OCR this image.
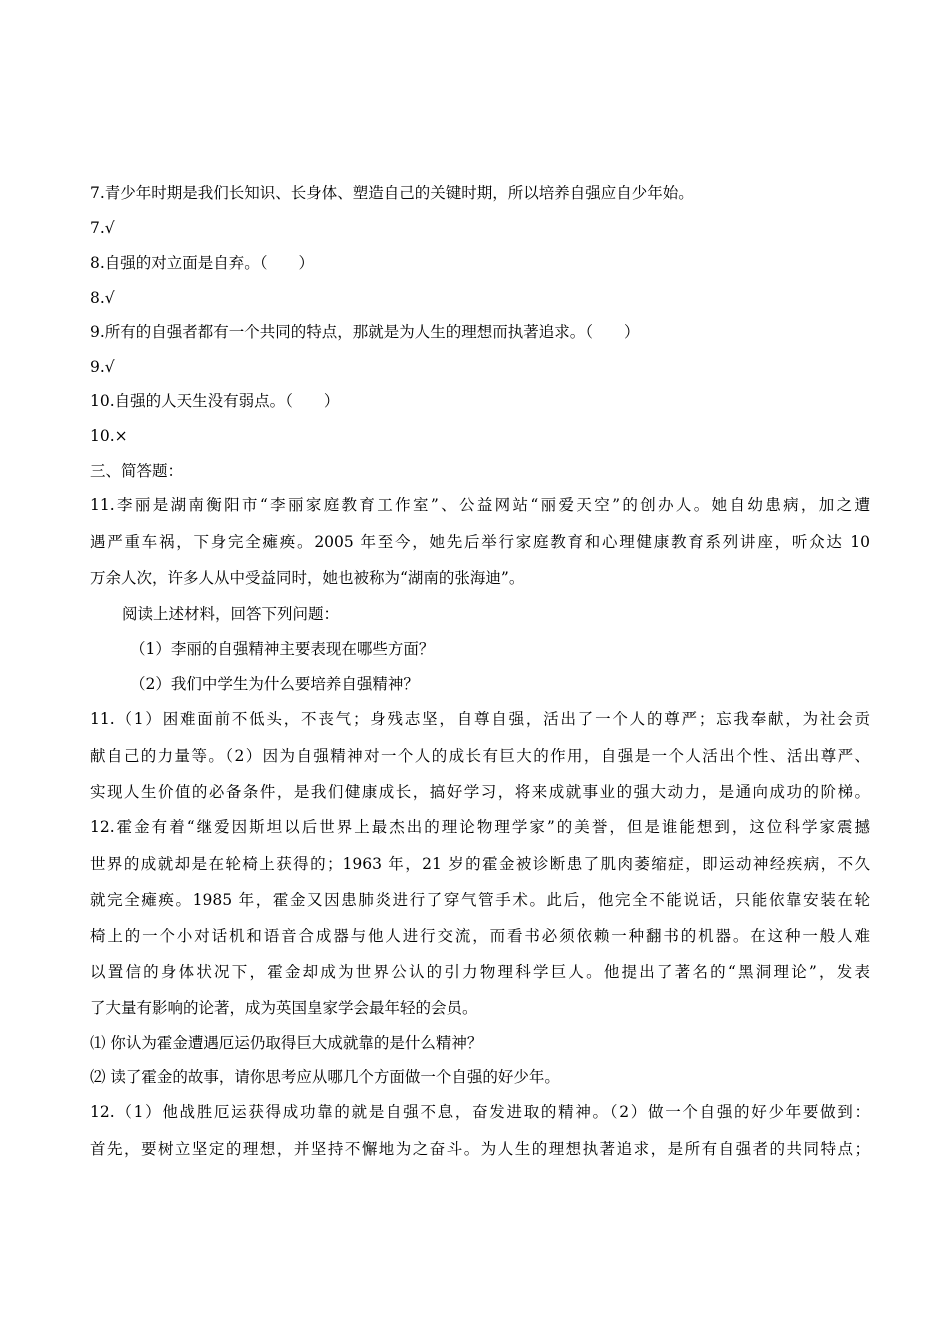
7.青少年时期是我们长知识、长身体、塑造自己的关键时期，所以培养自强应自少年始。
7.√
8.自强的对立面是自弃。（　　）
8.√
9.所有的自强者都有一个共同的特点，那就是为人生的理想而执著追求。（　　）
9.√
10.自强的人天生没有弱点。（　　）
10.×
三、简答题：
11.李丽是湖南衡阳市“李丽家庭教育工作室”、公益网站“丽爱天空”的创办人。她自幼患病，加之遭
遇严重车祸，下身完全瘫痪。2005 年至今，她先后举行家庭教育和心理健康教育系列讲座，听众达 10
万余人次，许多人从中受益同时，她也被称为“湖南的张海迪”。
阅读上述材料，回答下列问题：
（1）李丽的自强精神主要表现在哪些方面？
（2）我们中学生为什么要培养自强精神？
11.（1）困难面前不低头，不丧气；身残志坚，自尊自强，活出了一个人的尊严；忘我奉献，为社会贡
献自己的力量等。（2）因为自强精神对一个人的成长有巨大的作用，自强是一个人活出个性、活出尊严、
实现人生价值的必备条件，是我们健康成长，搞好学习，将来成就事业的强大动力，是通向成功的阶梯。
12.霍金有着“继爱因斯坦以后世界上最杰出的理论物理学家”的美誉，但是谁能想到，这位科学家震撼
世界的成就却是在轮椅上获得的；1963 年，21 岁的霍金被诊断患了肌肉萎缩症，即运动神经疾病，不久
就完全瘫痪。1985 年，霍金又因患肺炎进行了穿气管手术。此后，他完全不能说话，只能依靠安装在轮
椅上的一个小对话机和语音合成器与他人进行交流，而看书必须依赖一种翻书的机器。在这种一般人难
以置信的身体状况下，霍金却成为世界公认的引力物理科学巨人。他提出了著名的“黑洞理论”，发表
了大量有影响的论著，成为英国皇家学会最年轻的会员。
⑴ 你认为霍金遭遇厄运仍取得巨大成就靠的是什么精神？
⑵ 读了霍金的故事，请你思考应从哪几个方面做一个自强的好少年。
12.（1）他战胜厄运获得成功靠的就是自强不息，奋发进取的精神。（2）做一个自强的好少年要做到：
首先，要树立坚定的理想，并坚持不懈地为之奋斗。为人生的理想执著追求，是所有自强者的共同特点；
